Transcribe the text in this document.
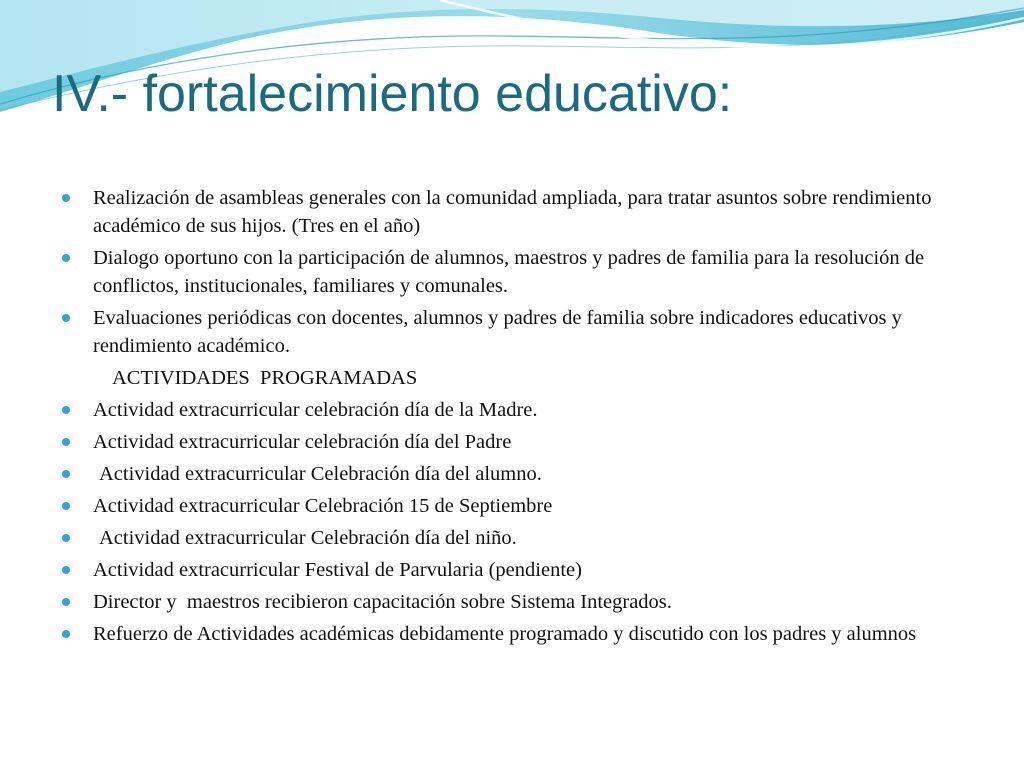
IV.- fortalecimiento educativo:
Realización de asambleas generales con la comunidad ampliada, para tratar asuntos sobre rendimiento académico de sus hijos. (Tres en el año)
Dialogo oportuno con la participación de alumnos, maestros y padres de familia para la resolución de conflictos, institucionales, familiares y comunales.
Evaluaciones periódicas con docentes, alumnos y padres de familia sobre indicadores educativos y rendimiento académico.
ACTIVIDADES  PROGRAMADAS
Actividad extracurricular celebración día de la Madre.
Actividad extracurricular celebración día del Padre
Actividad extracurricular Celebración día del alumno.
Actividad extracurricular Celebración 15 de Septiembre
Actividad extracurricular Celebración día del niño.
Actividad extracurricular Festival de Parvularia (pendiente)
Director y  maestros recibieron capacitación sobre Sistema Integrados.
Refuerzo de Actividades académicas debidamente programado y discutido con los padres y alumnos
